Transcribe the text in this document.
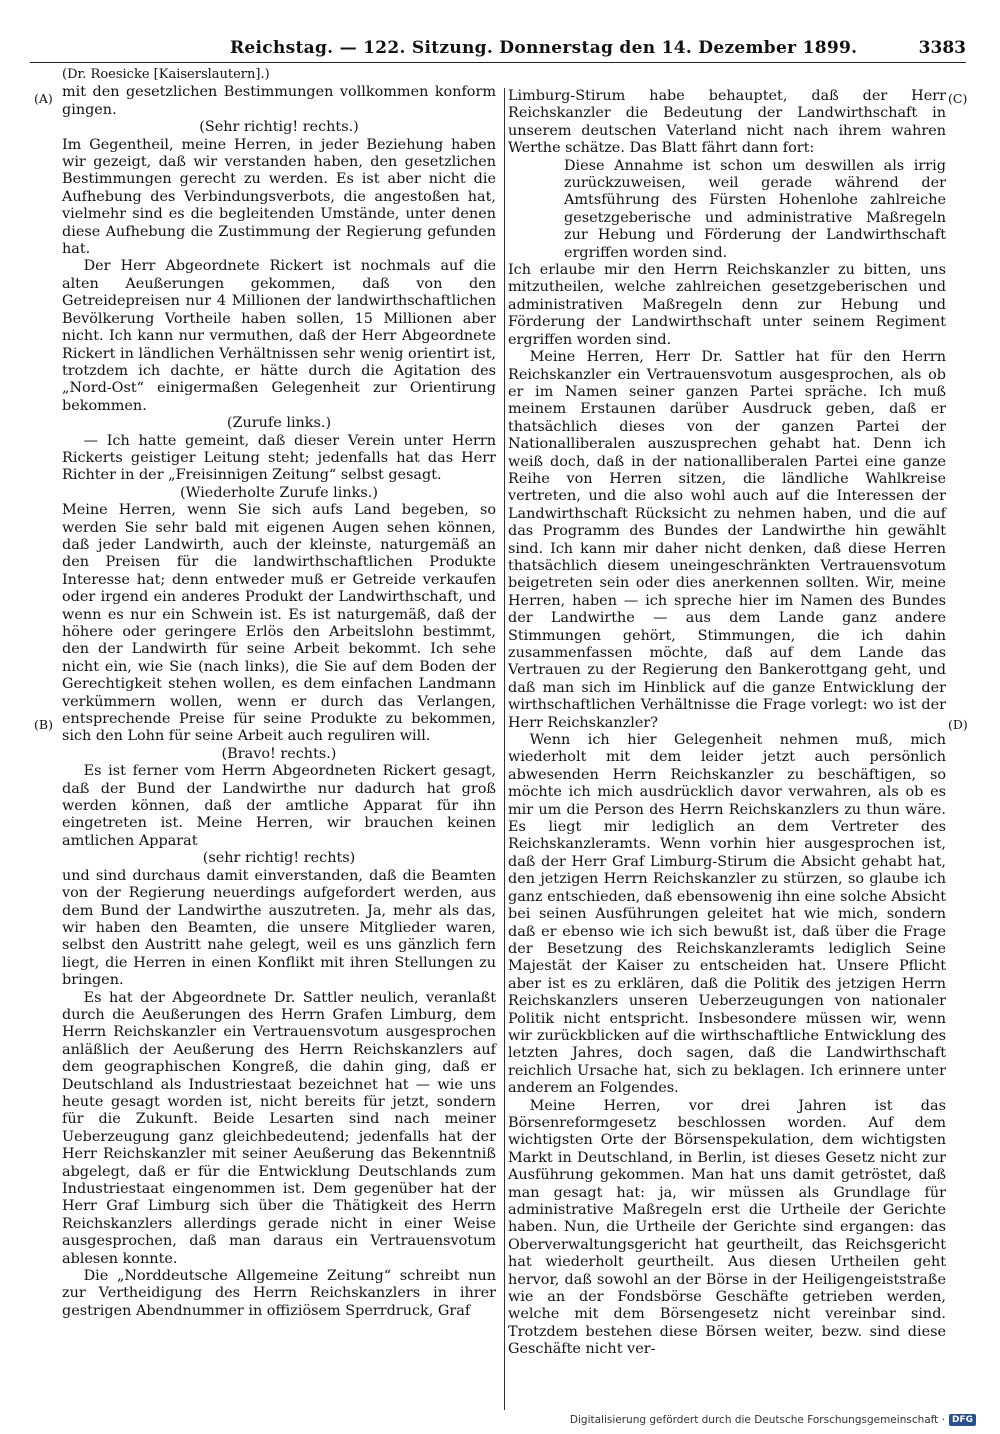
Reichstag. — 122. Sitzung. Donnerstag den 14. Dezember 1899.	3383
(A)
(B)
(C)
(D)
(Dr. Roesicke [Kaiserslautern].)

mit den gesetzlichen Bestimmungen vollkommen konform gingen.

(Sehr richtig! rechts.)

Im Gegentheil, meine Herren, in jeder Beziehung haben wir gezeigt, daß wir verstanden haben, den gesetzlichen Bestimmungen gerecht zu werden. Es ist aber nicht die Aufhebung des Verbindungsverbots, die angestoßen hat, vielmehr sind es die begleitenden Umstände, unter denen diese Aufhebung die Zustimmung der Regierung gefunden hat.

Der Herr Abgeordnete Rickert ist nochmals auf die alten Aeußerungen gekommen, daß von den Getreidepreisen nur 4 Millionen der landwirthschaftlichen Bevölkerung Vortheile haben sollen, 15 Millionen aber nicht. Ich kann nur vermuthen, daß der Herr Abgeordnete Rickert in ländlichen Verhältnissen sehr wenig orientirt ist, trotzdem ich dachte, er hätte durch die Agitation des „Nord-Ost“ einigermaßen Gelegenheit zur Orientirung bekommen.

(Zurufe links.)

— Ich hatte gemeint, daß dieser Verein unter Herrn Rickerts geistiger Leitung steht; jedenfalls hat das Herr Richter in der „Freisinnigen Zeitung“ selbst gesagt.

(Wiederholte Zurufe links.)

Meine Herren, wenn Sie sich aufs Land begeben, so werden Sie sehr bald mit eigenen Augen sehen können, daß jeder Landwirth, auch der kleinste, naturgemäß an den Preisen für die landwirthschaftlichen Produkte Interesse hat; denn entweder muß er Getreide verkaufen oder irgend ein anderes Produkt der Landwirthschaft, und wenn es nur ein Schwein ist. Es ist naturgemäß, daß der höhere oder geringere Erlös den Arbeitslohn bestimmt, den der Landwirth für seine Arbeit bekommt. Ich sehe nicht ein, wie Sie (nach links), die Sie auf dem Boden der Gerechtigkeit stehen wollen, es dem einfachen Landmann verkümmern wollen, wenn er durch das Verlangen, entsprechende Preise für seine Produkte zu bekommen, sich den Lohn für seine Arbeit auch reguliren will.

(Bravo! rechts.)

Es ist ferner vom Herrn Abgeordneten Rickert gesagt, daß der Bund der Landwirthe nur dadurch hat groß werden können, daß der amtliche Apparat für ihn eingetreten ist. Meine Herren, wir brauchen keinen amtlichen Apparat

(sehr richtig! rechts)

und sind durchaus damit einverstanden, daß die Beamten von der Regierung neuerdings aufgefordert werden, aus dem Bund der Landwirthe auszutreten. Ja, mehr als das, wir haben den Beamten, die unsere Mitglieder waren, selbst den Austritt nahe gelegt, weil es uns gänzlich fern liegt, die Herren in einen Konflikt mit ihren Stellungen zu bringen.

Es hat der Abgeordnete Dr. Sattler neulich, veranlaßt durch die Aeußerungen des Herrn Grafen Limburg, dem Herrn Reichskanzler ein Vertrauensvotum ausgesprochen anläßlich der Aeußerung des Herrn Reichskanzlers auf dem geographischen Kongreß, die dahin ging, daß er Deutschland als Industriestaat bezeichnet hat — wie uns heute gesagt worden ist, nicht bereits für jetzt, sondern für die Zukunft. Beide Lesarten sind nach meiner Ueberzeugung ganz gleichbedeutend; jedenfalls hat der Herr Reichskanzler mit seiner Aeußerung das Bekenntniß abgelegt, daß er für die Entwicklung Deutschlands zum Industriestaat eingenommen ist. Dem gegenüber hat der Herr Graf Limburg sich über die Thätigkeit des Herrn Reichskanzlers allerdings gerade nicht in einer Weise ausgesprochen, daß man daraus ein Vertrauensvotum ablesen konnte.

Die „Norddeutsche Allgemeine Zeitung“ schreibt nun zur Vertheidigung des Herrn Reichskanzlers in ihrer gestrigen Abendnummer in offiziösem Sperrdruck, Graf

Limburg-Stirum habe behauptet, daß der Herr Reichskanzler die Bedeutung der Landwirthschaft in unserem deutschen Vaterland nicht nach ihrem wahren Werthe schätze. Das Blatt fährt dann fort:

Diese Annahme ist schon um deswillen als irrig zurückzuweisen, weil gerade während der Amtsführung des Fürsten Hohenlohe zahlreiche gesetzgeberische und administrative Maßregeln zur Hebung und Förderung der Landwirthschaft ergriffen worden sind.

Ich erlaube mir den Herrn Reichskanzler zu bitten, uns mitzutheilen, welche zahlreichen gesetzgeberischen und administrativen Maßregeln denn zur Hebung und Förderung der Landwirthschaft unter seinem Regiment ergriffen worden sind.

Meine Herren, Herr Dr. Sattler hat für den Herrn Reichskanzler ein Vertrauensvotum ausgesprochen, als ob er im Namen seiner ganzen Partei spräche. Ich muß meinem Erstaunen darüber Ausdruck geben, daß er thatsächlich dieses von der ganzen Partei der Nationalliberalen auszusprechen gehabt hat. Denn ich weiß doch, daß in der nationalliberalen Partei eine ganze Reihe von Herren sitzen, die ländliche Wahlkreise vertreten, und die also wohl auch auf die Interessen der Landwirthschaft Rücksicht zu nehmen haben, und die auf das Programm des Bundes der Landwirthe hin gewählt sind. Ich kann mir daher nicht denken, daß diese Herren thatsächlich diesem uneingeschränkten Vertrauensvotum beigetreten sein oder dies anerkennen sollten. Wir, meine Herren, haben — ich spreche hier im Namen des Bundes der Landwirthe — aus dem Lande ganz andere Stimmungen gehört, Stimmungen, die ich dahin zusammenfassen möchte, daß auf dem Lande das Vertrauen zu der Regierung den Bankerottgang geht, und daß man sich im Hinblick auf die ganze Entwicklung der wirthschaftlichen Verhältnisse die Frage vorlegt: wo ist der Herr Reichskanzler?

Wenn ich hier Gelegenheit nehmen muß, mich wiederholt mit dem leider jetzt auch persönlich abwesenden Herrn Reichskanzler zu beschäftigen, so möchte ich mich ausdrücklich davor verwahren, als ob es mir um die Person des Herrn Reichskanzlers zu thun wäre. Es liegt mir lediglich an dem Vertreter des Reichskanzleramts. Wenn vorhin hier ausgesprochen ist, daß der Herr Graf Limburg-Stirum die Absicht gehabt hat, den jetzigen Herrn Reichskanzler zu stürzen, so glaube ich ganz entschieden, daß ebensowenig ihn eine solche Absicht bei seinen Ausführungen geleitet hat wie mich, sondern daß er ebenso wie ich sich bewußt ist, daß über die Frage der Besetzung des Reichskanzleramts lediglich Seine Majestät der Kaiser zu entscheiden hat. Unsere Pflicht aber ist es zu erklären, daß die Politik des jetzigen Herrn Reichskanzlers unseren Ueberzeugungen von nationaler Politik nicht entspricht. Insbesondere müssen wir, wenn wir zurückblicken auf die wirthschaftliche Entwicklung des letzten Jahres, doch sagen, daß die Landwirthschaft reichlich Ursache hat, sich zu beklagen. Ich erinnere unter anderem an Folgendes.

Meine Herren, vor drei Jahren ist das Börsenreformgesetz beschlossen worden. Auf dem wichtigsten Orte der Börsenspekulation, dem wichtigsten Markt in Deutschland, in Berlin, ist dieses Gesetz nicht zur Ausführung gekommen. Man hat uns damit getröstet, daß man gesagt hat: ja, wir müssen als Grundlage für administrative Maßregeln erst die Urtheile der Gerichte haben. Nun, die Urtheile der Gerichte sind ergangen: das Oberverwaltungsgericht hat geurtheilt, das Reichsgericht hat wiederholt geurtheilt. Aus diesen Urtheilen geht hervor, daß sowohl an der Börse in der Heiligengeiststraße wie an der Fondsbörse Geschäfte getrieben werden, welche mit dem Börsengesetz nicht vereinbar sind. Trotzdem bestehen diese Börsen weiter, bezw. sind diese Geschäfte nicht ver-

Digitalisierung gefördert durch die Deutsche Forschungsgemeinschaft · DFG
